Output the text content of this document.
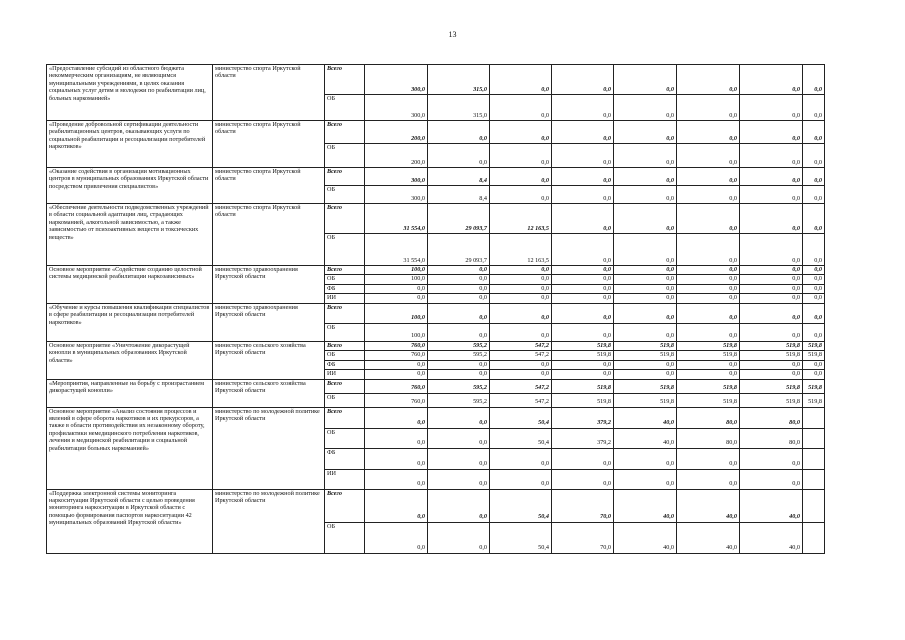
13
«Предоставление субсидий из областного бюджета некоммерческим организациям, не являющимся муниципальными учреждениями, в целях оказания социальных услуг детям и молодежи по реабилитации лиц, больных наркоманией»	министерство спорта Иркутской области	Всего	300,0	315,0	0,0	0,0	0,0	0,0	0,0	0,0
		ОБ	300,0	315,0	0,0	0,0	0,0	0,0	0,0	0,0
«Проведение добровольной сертификации деятельности реабилитационных центров, оказывающих услуги по социальной реабилитации и ресоциализации потребителей наркотиков»	министерство спорта Иркутской области	Всего	200,0	0,0	0,0	0,0	0,0	0,0	0,0	0,0
		ОБ	200,0	0,0	0,0	0,0	0,0	0,0	0,0	0,0
«Оказание содействия в организации мотивационных центров в муниципальных образованиях Иркутской области посредством привлечения специалистов»	министерство спорта Иркутской области	Всего	300,0	8,4	0,0	0,0	0,0	0,0	0,0	0,0
		ОБ	300,0	8,4	0,0	0,0	0,0	0,0	0,0	0,0
«Обеспечение деятельности подведомственных учреждений в области социальной адаптации лиц, страдающих наркоманией, алкогольной зависимостью, а также зависимостью от психоактивных веществ и токсических веществ»	министерство спорта Иркутской области	Всего	31 554,0	29 093,7	12 163,5	0,0	0,0	0,0	0,0	0,0
		ОБ	31 554,0	29 093,7	12 163,5	0,0	0,0	0,0	0,0	0,0
Основное мероприятие «Содействие созданию целостной системы медицинской реабилитации наркозависимых»	министерство здравоохранения Иркутской области	Всего	100,0	0,0	0,0	0,0	0,0	0,0	0,0	0,0
		ОБ	100,0	0,0	0,0	0,0	0,0	0,0	0,0	0,0
		ФБ	0,0	0,0	0,0	0,0	0,0	0,0	0,0	0,0
		ИИ	0,0	0,0	0,0	0,0	0,0	0,0	0,0	0,0
«Обучение и курсы повышения квалификации специалистов в сфере реабилитации и ресоциализации потребителей наркотиков»	министерство здравоохранения Иркутской области	Всего	100,0	0,0	0,0	0,0	0,0	0,0	0,0	0,0
		ОБ	100,0	0,0	0,0	0,0	0,0	0,0	0,0	0,0
Основное мероприятие «Уничтожение дикорастущей конопли в муниципальных образованиях Иркутской области»	министерство сельского хозяйства Иркутской области	Всего	760,0	595,2	547,2	519,8	519,8	519,8	519,8	519,8
		ОБ	760,0	595,2	547,2	519,8	519,8	519,8	519,8	519,8
		ФБ	0,0	0,0	0,0	0,0	0,0	0,0	0,0	0,0
		ИИ	0,0	0,0	0,0	0,0	0,0	0,0	0,0	0,0
«Мероприятия, направленные на борьбу с произрастанием дикорастущей конопли»	министерство сельского хозяйства Иркутской области	Всего	760,0	595,2	547,2	519,8	519,8	519,8	519,8	519,8
		ОБ	760,0	595,2	547,2	519,8	519,8	519,8	519,8	519,8
Основное мероприятие «Анализ состояния процессов и явлений в сфере оборота наркотиков и их прекурсоров, а также в области противодействия их незаконному обороту, профилактики немедицинского потребления наркотиков, лечения и медицинской реабилитации и социальной реабилитации больных наркоманией»	министерство по молодежной политике Иркутской области	Всего	0,0	0,0	50,4	379,2	40,0	80,0	80,0	
		ОБ	0,0	0,0	50,4	379,2	40,0	80,0	80,0	
		ФБ	0,0	0,0	0,0	0,0	0,0	0,0	0,0	
		ИИ	0,0	0,0	0,0	0,0	0,0	0,0	0,0	
«Поддержка электронной системы мониторинга наркоситуации Иркутской области с целью проведения мониторинга наркоситуации в Иркутской области с помощью формирования паспортов наркоситуации 42 муниципальных образований Иркутской области»	министерство по молодежной политике Иркутской области	Всего	0,0	0,0	50,4	70,0	40,0	40,0	40,0	
		ОБ	0,0	0,0	50,4	70,0	40,0	40,0	40,0	
